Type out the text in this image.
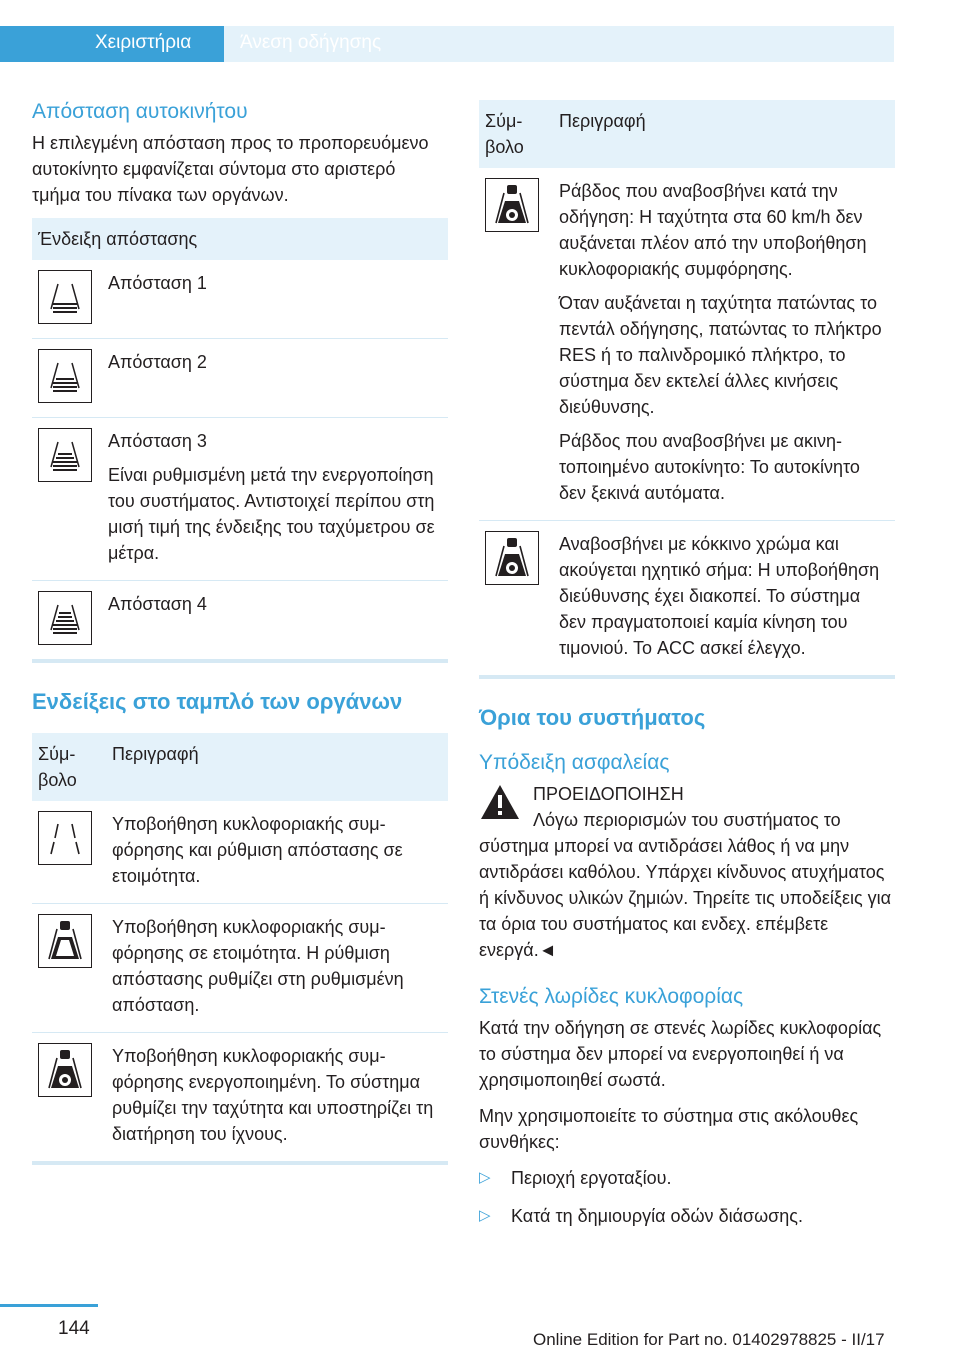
Χειριστήρια	Άνεση οδήγησης
Απόσταση αυτοκινήτου

Η επιλεγμένη απόσταση προς το προπορευόμενο αυτοκίνητο εμφανίζεται σύντομα στο αριστερό τμήμα του πίνακα των οργάνων.

Ένδειξη απόστασης	

	Απόσταση 1

	Απόσταση 2

Απόσταση 3

Είναι ρυθμισμένη μετά την ενεργοποίηση του συστήματος. Αντιστοιχεί περίπου στη μισή τιμή της ένδειξης του ταχύμετρου σε μέτρα.

	Απόσταση 4
Ενδείξεις στο ταμπλό των οργάνων
Σύμβολο	Περιγραφή

	Υποβοήθηση κυκλοφοριακής συμφόρησης και ρύθμιση απόστασης σε ετοιμότητα.

	Υποβοήθηση κυκλοφοριακής συμφόρησης σε ετοιμότητα. Η ρύθμιση απόστασης ρυθμίζει στη ρυθμισμένη απόσταση.

	Υποβοήθηση κυκλοφοριακής συμφόρησης ενεργοποιημένη. Το σύστημα ρυθμίζει την ταχύτητα και υποστηρίζει τη διατήρηση του ίχνους.
Σύμβολο	Περιγραφή

Ράβδος που αναβοσβήνει κατά την οδήγηση: Η ταχύτητα στα 60 km/h δεν αυξάνεται πλέον από την υποβοήθηση κυκλοφοριακής συμφόρησης.

Όταν αυξάνεται η ταχύτητα πατώντας το πεντάλ οδήγησης, πατώντας το πλήκτρο RES ή το παλινδρομικό πλήκτρο, το σύστημα δεν εκτελεί άλλες κινήσεις διεύθυνσης.

Ράβδος που αναβοσβήνει με ακινητοποιημένο αυτοκίνητο: Το αυτοκίνητο δεν ξεκινά αυτόματα.

Αναβοσβήνει με κόκκινο χρώμα και ακούγεται ηχητικό σήμα: Η υποβοήθηση διεύθυνσης έχει διακοπεί. Το σύστημα δεν πραγματοποιεί καμία κίνηση του τιμονιού. Το ACC ασκεί έλεγχο.

Όρια του συστήματος
Υπόδειξη ασφαλείας

ΠΡΟΕΙΔΟΠΟΙΗΣΗ

Λόγω περιορισμών του συστήματος το σύστημα μπορεί να αντιδράσει λάθος ή να μην αντιδράσει καθόλου. Υπάρχει κίνδυνος ατυχήματος ή κίνδυνος υλικών ζημιών. Τηρείτε τις υποδείξεις για τα όρια του συστήματος και ενδεχ. επέμβετε ενεργά.◄

Στενές λωρίδες κυκλοφορίας

Κατά την οδήγηση σε στενές λωρίδες κυκλοφορίας το σύστημα δεν μπορεί να ενεργοποιηθεί ή να χρησιμοποιηθεί σωστά.

Μην χρησιμοποιείτε το σύστημα στις ακόλουθες συνθήκες:

▷ Περιοχή εργοταξίου.
▷ Κατά τη δημιουργία οδών διάσωσης.
144
Online Edition for Part no. 01402978825 - II/17
